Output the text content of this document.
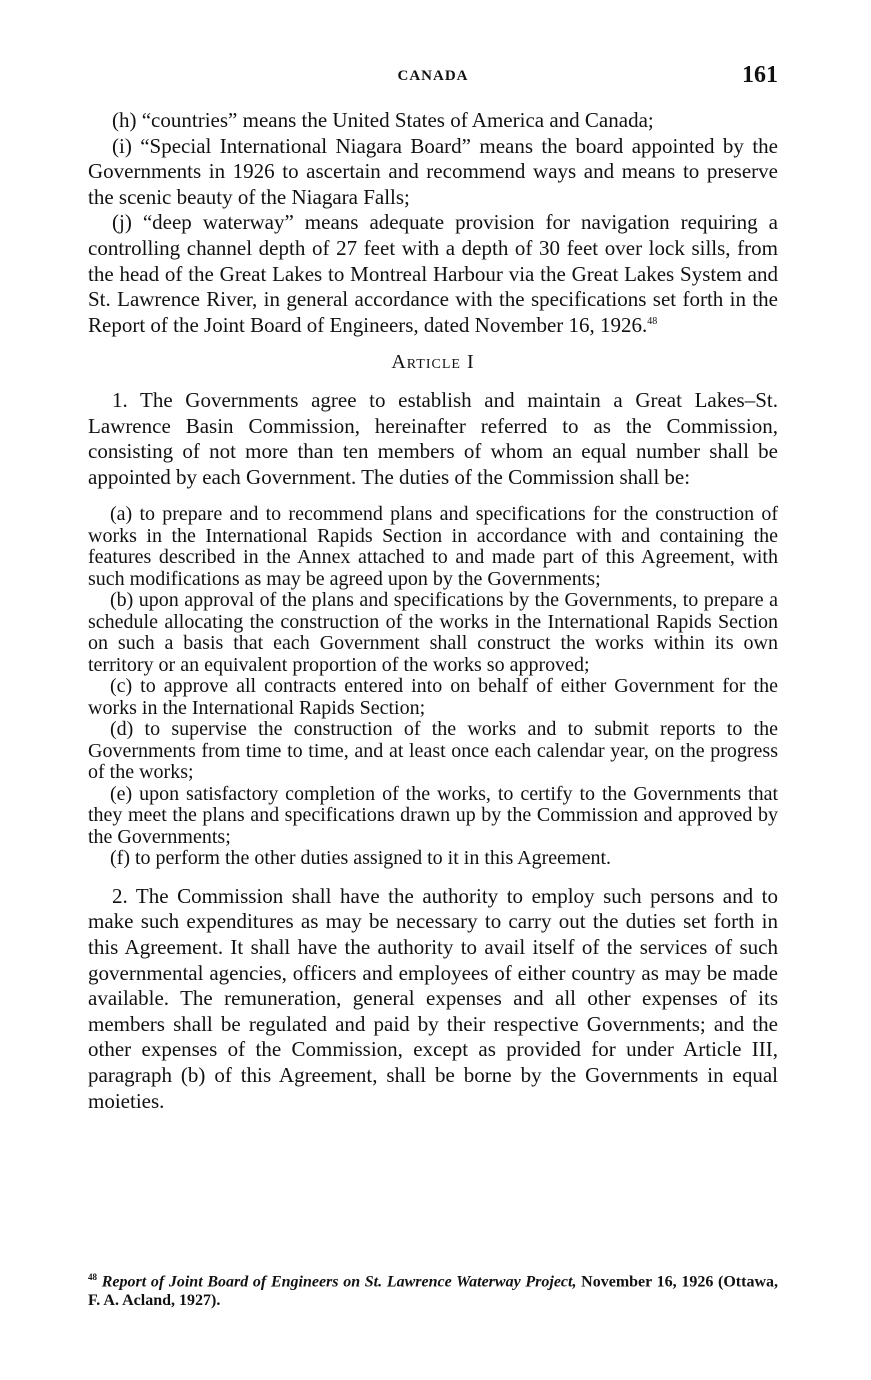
CANADA	161

(h) “countries” means the United States of America and Canada;

(i) “Special International Niagara Board” means the board appointed by the Governments in 1926 to ascertain and recommend ways and means to preserve the scenic beauty of the Niagara Falls;

(j) “deep waterway” means adequate provision for navigation requiring a controlling channel depth of 27 feet with a depth of 30 feet over lock sills, from the head of the Great Lakes to Montreal Harbour via the Great Lakes System and St. Lawrence River, in general accordance with the specifications set forth in the Report of the Joint Board of Engineers, dated November 16, 1926.48

Article I

1. The Governments agree to establish and maintain a Great Lakes–St. Lawrence Basin Commission, hereinafter referred to as the Commission, consisting of not more than ten members of whom an equal number shall be appointed by each Government. The duties of the Commission shall be:

(a) to prepare and to recommend plans and specifications for the construction of works in the International Rapids Section in accordance with and containing the features described in the Annex attached to and made part of this Agreement, with such modifications as may be agreed upon by the Governments;

(b) upon approval of the plans and specifications by the Governments, to prepare a schedule allocating the construction of the works in the International Rapids Section on such a basis that each Government shall construct the works within its own territory or an equivalent proportion of the works so approved;

(c) to approve all contracts entered into on behalf of either Government for the works in the International Rapids Section;

(d) to supervise the construction of the works and to submit reports to the Governments from time to time, and at least once each calendar year, on the progress of the works;

(e) upon satisfactory completion of the works, to certify to the Governments that they meet the plans and specifications drawn up by the Commission and approved by the Governments;

(f) to perform the other duties assigned to it in this Agreement.

2. The Commission shall have the authority to employ such persons and to make such expenditures as may be necessary to carry out the duties set forth in this Agreement. It shall have the authority to avail itself of the services of such governmental agencies, officers and employees of either country as may be made available. The remuneration, general expenses and all other expenses of its members shall be regulated and paid by their respective Governments; and the other expenses of the Commission, except as provided for under Article III, paragraph (b) of this Agreement, shall be borne by the Governments in equal moieties.

$^{48}$ Report of Joint Board of Engineers on St. Lawrence Waterway Project, November 16, 1926 (Ottawa, F. A. Acland, 1927).
